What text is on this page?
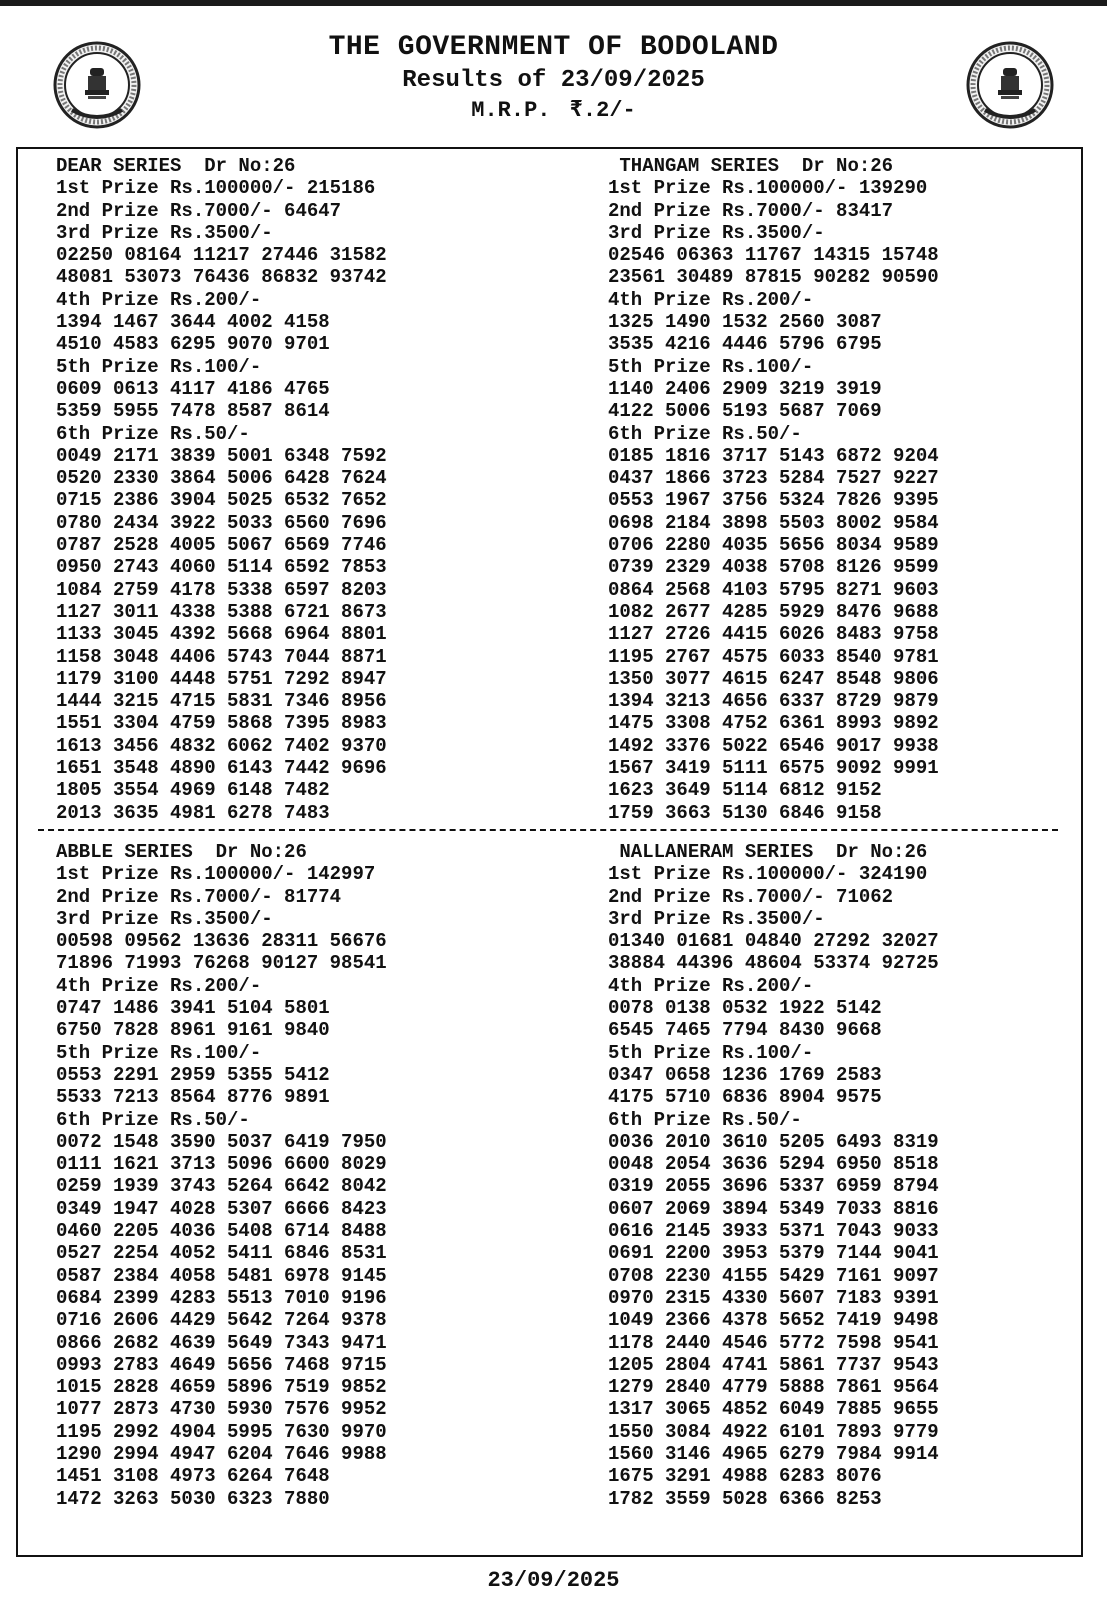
THE GOVERNMENT OF BODOLAND
Results of 23/09/2025
M.R.P. ₹.2/-
DEAR SERIES  Dr No:26
1st Prize Rs.100000/- 215186
2nd Prize Rs.7000/- 64647
3rd Prize Rs.3500/-
02250 08164 11217 27446 31582
48081 53073 76436 86832 93742
4th Prize Rs.200/-
1394 1467 3644 4002 4158
4510 4583 6295 9070 9701
5th Prize Rs.100/-
0609 0613 4117 4186 4765
5359 5955 7478 8587 8614
6th Prize Rs.50/-
0049 2171 3839 5001 6348 7592
0520 2330 3864 5006 6428 7624
0715 2386 3904 5025 6532 7652
0780 2434 3922 5033 6560 7696
0787 2528 4005 5067 6569 7746
0950 2743 4060 5114 6592 7853
1084 2759 4178 5338 6597 8203
1127 3011 4338 5388 6721 8673
1133 3045 4392 5668 6964 8801
1158 3048 4406 5743 7044 8871
1179 3100 4448 5751 7292 8947
1444 3215 4715 5831 7346 8956
1551 3304 4759 5868 7395 8983
1613 3456 4832 6062 7402 9370
1651 3548 4890 6143 7442 9696
1805 3554 4969 6148 7482
2013 3635 4981 6278 7483
THANGAM SERIES  Dr No:26
1st Prize Rs.100000/- 139290
2nd Prize Rs.7000/- 83417
3rd Prize Rs.3500/-
02546 06363 11767 14315 15748
23561 30489 87815 90282 90590
4th Prize Rs.200/-
1325 1490 1532 2560 3087
3535 4216 4446 5796 6795
5th Prize Rs.100/-
1140 2406 2909 3219 3919
4122 5006 5193 5687 7069
6th Prize Rs.50/-
0185 1816 3717 5143 6872 9204
0437 1866 3723 5284 7527 9227
0553 1967 3756 5324 7826 9395
0698 2184 3898 5503 8002 9584
0706 2280 4035 5656 8034 9589
0739 2329 4038 5708 8126 9599
0864 2568 4103 5795 8271 9603
1082 2677 4285 5929 8476 9688
1127 2726 4415 6026 8483 9758
1195 2767 4575 6033 8540 9781
1350 3077 4615 6247 8548 9806
1394 3213 4656 6337 8729 9879
1475 3308 4752 6361 8993 9892
1492 3376 5022 6546 9017 9938
1567 3419 5111 6575 9092 9991
1623 3649 5114 6812 9152
1759 3663 5130 6846 9158
ABBLE SERIES  Dr No:26
1st Prize Rs.100000/- 142997
2nd Prize Rs.7000/- 81774
3rd Prize Rs.3500/-
00598 09562 13636 28311 56676
71896 71993 76268 90127 98541
4th Prize Rs.200/-
0747 1486 3941 5104 5801
6750 7828 8961 9161 9840
5th Prize Rs.100/-
0553 2291 2959 5355 5412
5533 7213 8564 8776 9891
6th Prize Rs.50/-
0072 1548 3590 5037 6419 7950
0111 1621 3713 5096 6600 8029
0259 1939 3743 5264 6642 8042
0349 1947 4028 5307 6666 8423
0460 2205 4036 5408 6714 8488
0527 2254 4052 5411 6846 8531
0587 2384 4058 5481 6978 9145
0684 2399 4283 5513 7010 9196
0716 2606 4429 5642 7264 9378
0866 2682 4639 5649 7343 9471
0993 2783 4649 5656 7468 9715
1015 2828 4659 5896 7519 9852
1077 2873 4730 5930 7576 9952
1195 2992 4904 5995 7630 9970
1290 2994 4947 6204 7646 9988
1451 3108 4973 6264 7648
1472 3263 5030 6323 7880
NALLANERAM SERIES  Dr No:26
1st Prize Rs.100000/- 324190
2nd Prize Rs.7000/- 71062
3rd Prize Rs.3500/-
01340 01681 04840 27292 32027
38884 44396 48604 53374 92725
4th Prize Rs.200/-
0078 0138 0532 1922 5142
6545 7465 7794 8430 9668
5th Prize Rs.100/-
0347 0658 1236 1769 2583
4175 5710 6836 8904 9575
6th Prize Rs.50/-
0036 2010 3610 5205 6493 8319
0048 2054 3636 5294 6950 8518
0319 2055 3696 5337 6959 8794
0607 2069 3894 5349 7033 8816
0616 2145 3933 5371 7043 9033
0691 2200 3953 5379 7144 9041
0708 2230 4155 5429 7161 9097
0970 2315 4330 5607 7183 9391
1049 2366 4378 5652 7419 9498
1178 2440 4546 5772 7598 9541
1205 2804 4741 5861 7737 9543
1279 2840 4779 5888 7861 9564
1317 3065 4852 6049 7885 9655
1550 3084 4922 6101 7893 9779
1560 3146 4965 6279 7984 9914
1675 3291 4988 6283 8076
1782 3559 5028 6366 8253
23/09/2025
